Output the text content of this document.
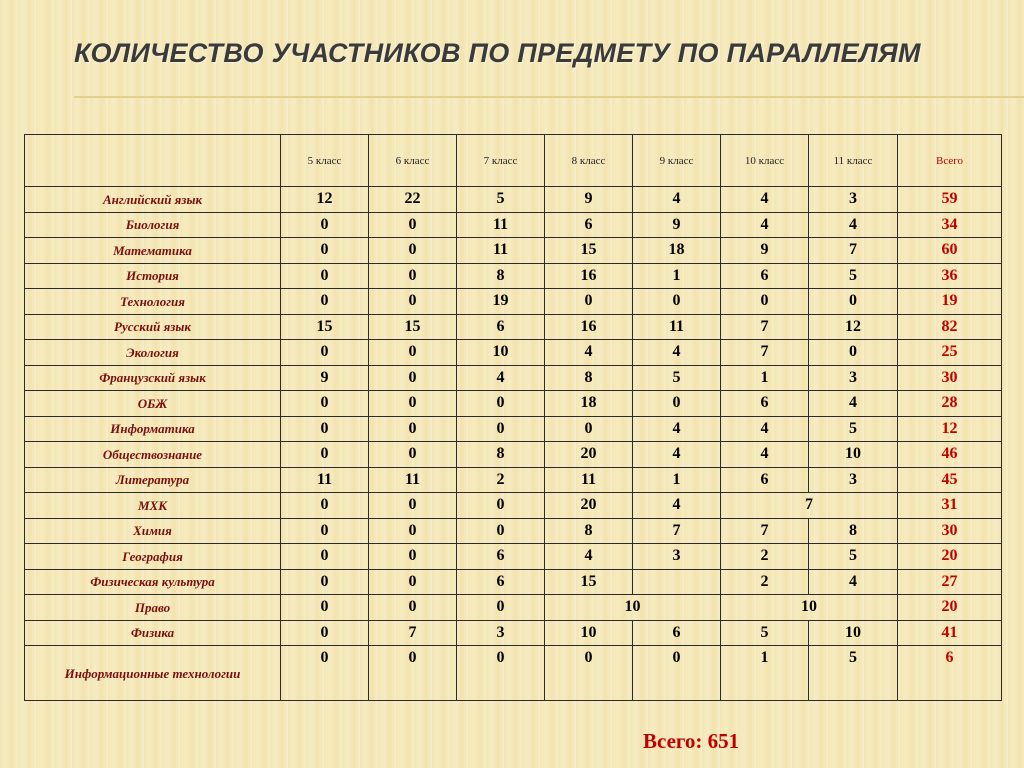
КОЛИЧЕСТВО УЧАСТНИКОВ ПО ПРЕДМЕТУ ПО ПАРАЛЛЕЛЯМ
	5 класс	6 класс	7 класс	8 класс	9 класс	10 класс	11 класс	Всего
Английский язык	12	22	5	9	4	4	3	59
Биология	0	0	11	6	9	4	4	34
Математика	0	0	11	15	18	9	7	60
История	0	0	8	16	1	6	5	36
Технология	0	0	19	0	0	0	0	19
Русский язык	15	15	6	16	11	7	12	82
Экология	0	0	10	4	4	7	0	25
Французский язык	9	0	4	8	5	1	3	30
ОБЖ	0	0	0	18	0	6	4	28
Информатика	0	0	0	0	4	4	5	12
Обществознание	0	0	8	20	4	4	10	46
Литература	11	11	2	11	1	6	3	45
МХК	0	0	0	20	4	7		31
Химия	0	0	0	8	7	7	8	30
География	0	0	6	4	3	2	5	20
Физическая культура	0	0	6	15		2	4	27
Право	0	0	0	10		10		20
Физика	0	7	3	10	6	5	10	41
Информационные технологии	0	0	0	0	0	1	5	6
Всего: 651
